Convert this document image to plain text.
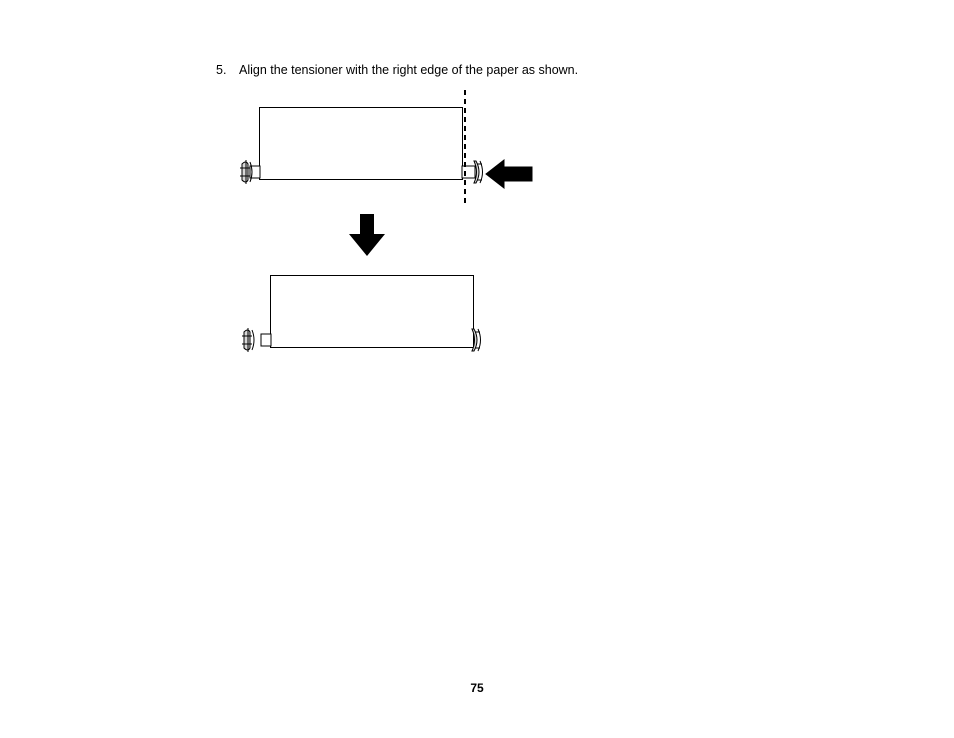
5. Align the tensioner with the right edge of the paper as shown.
75
